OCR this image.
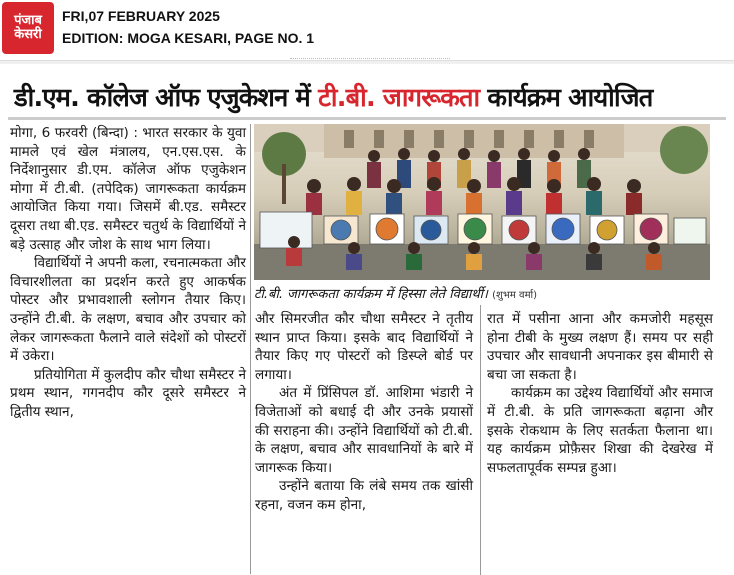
पंजाब
केसरी
FRI,07 FEBRUARY 2025
EDITION: MOGA KESARI, PAGE NO. 1
डी.एम. कॉलेज ऑफ एजुकेशन में टी.बी. जागरूकता कार्यक्रम आयोजित
टी.बी. जागरूकता कार्यक्रम में हिस्सा लेते विद्यार्थी। (शुभम वर्मा)

मोगा, 6 फरवरी (बिन्दा) : भारत सरकार के युवा मामले एवं खेल मंत्रालय, एन.एस.एस. के निर्देशानुसार डी.एम. कॉलेज ऑफ एजुकेशन मोगा में टी.बी. (तपेदिक) जागरूकता कार्यक्रम आयोजित किया गया। जिसमें बी.एड. समैस्टर दूसरा तथा बी.एड. समैस्टर चतुर्थ के विद्यार्थियों ने बड़े उत्साह और जोश के साथ भाग लिया।

विद्यार्थियों ने अपनी कला, रचनात्मकता और विचारशीलता का प्रदर्शन करते हुए आकर्षक पोस्टर और प्रभावशाली स्लोगन तैयार किए। उन्होंने टी.बी. के लक्षण, बचाव और उपचार को लेकर जागरूकता फैलाने वाले संदेशों को पोस्टरों में उकेरा।

प्रतियोगिता में कुलदीप कौर चौथा समैस्टर ने प्रथम स्थान, गगनदीप कौर दूसरे समैस्टर ने द्वितीय स्थान,

और सिमरजीत कौर चौथा समैस्टर ने तृतीय स्थान प्राप्त किया। इसके बाद विद्यार्थियों ने तैयार किए गए पोस्टरों को डिस्प्ले बोर्ड पर लगाया।

अंत में प्रिंसिपल डॉ. आशिमा भंडारी ने विजेताओं को बधाई दी और उनके प्रयासों की सराहना की। उन्होंने विद्यार्थियों को टी.बी. के लक्षण, बचाव और सावधानियों के बारे में जागरूक किया।

उन्होंने बताया कि लंबे समय तक खांसी रहना, वजन कम होना,

रात में पसीना आना और कमजोरी महसूस होना टीबी के मुख्य लक्षण हैं। समय पर सही उपचार और सावधानी अपनाकर इस बीमारी से बचा जा सकता है।

कार्यक्रम का उद्देश्य विद्यार्थियों और समाज में टी.बी. के प्रति जागरूकता बढ़ाना और इसके रोकथाम के लिए सतर्कता फैलाना था। यह कार्यक्रम प्रोफ़ैसर शिखा की देखरेख में सफलतापूर्वक सम्पन्न हुआ।
